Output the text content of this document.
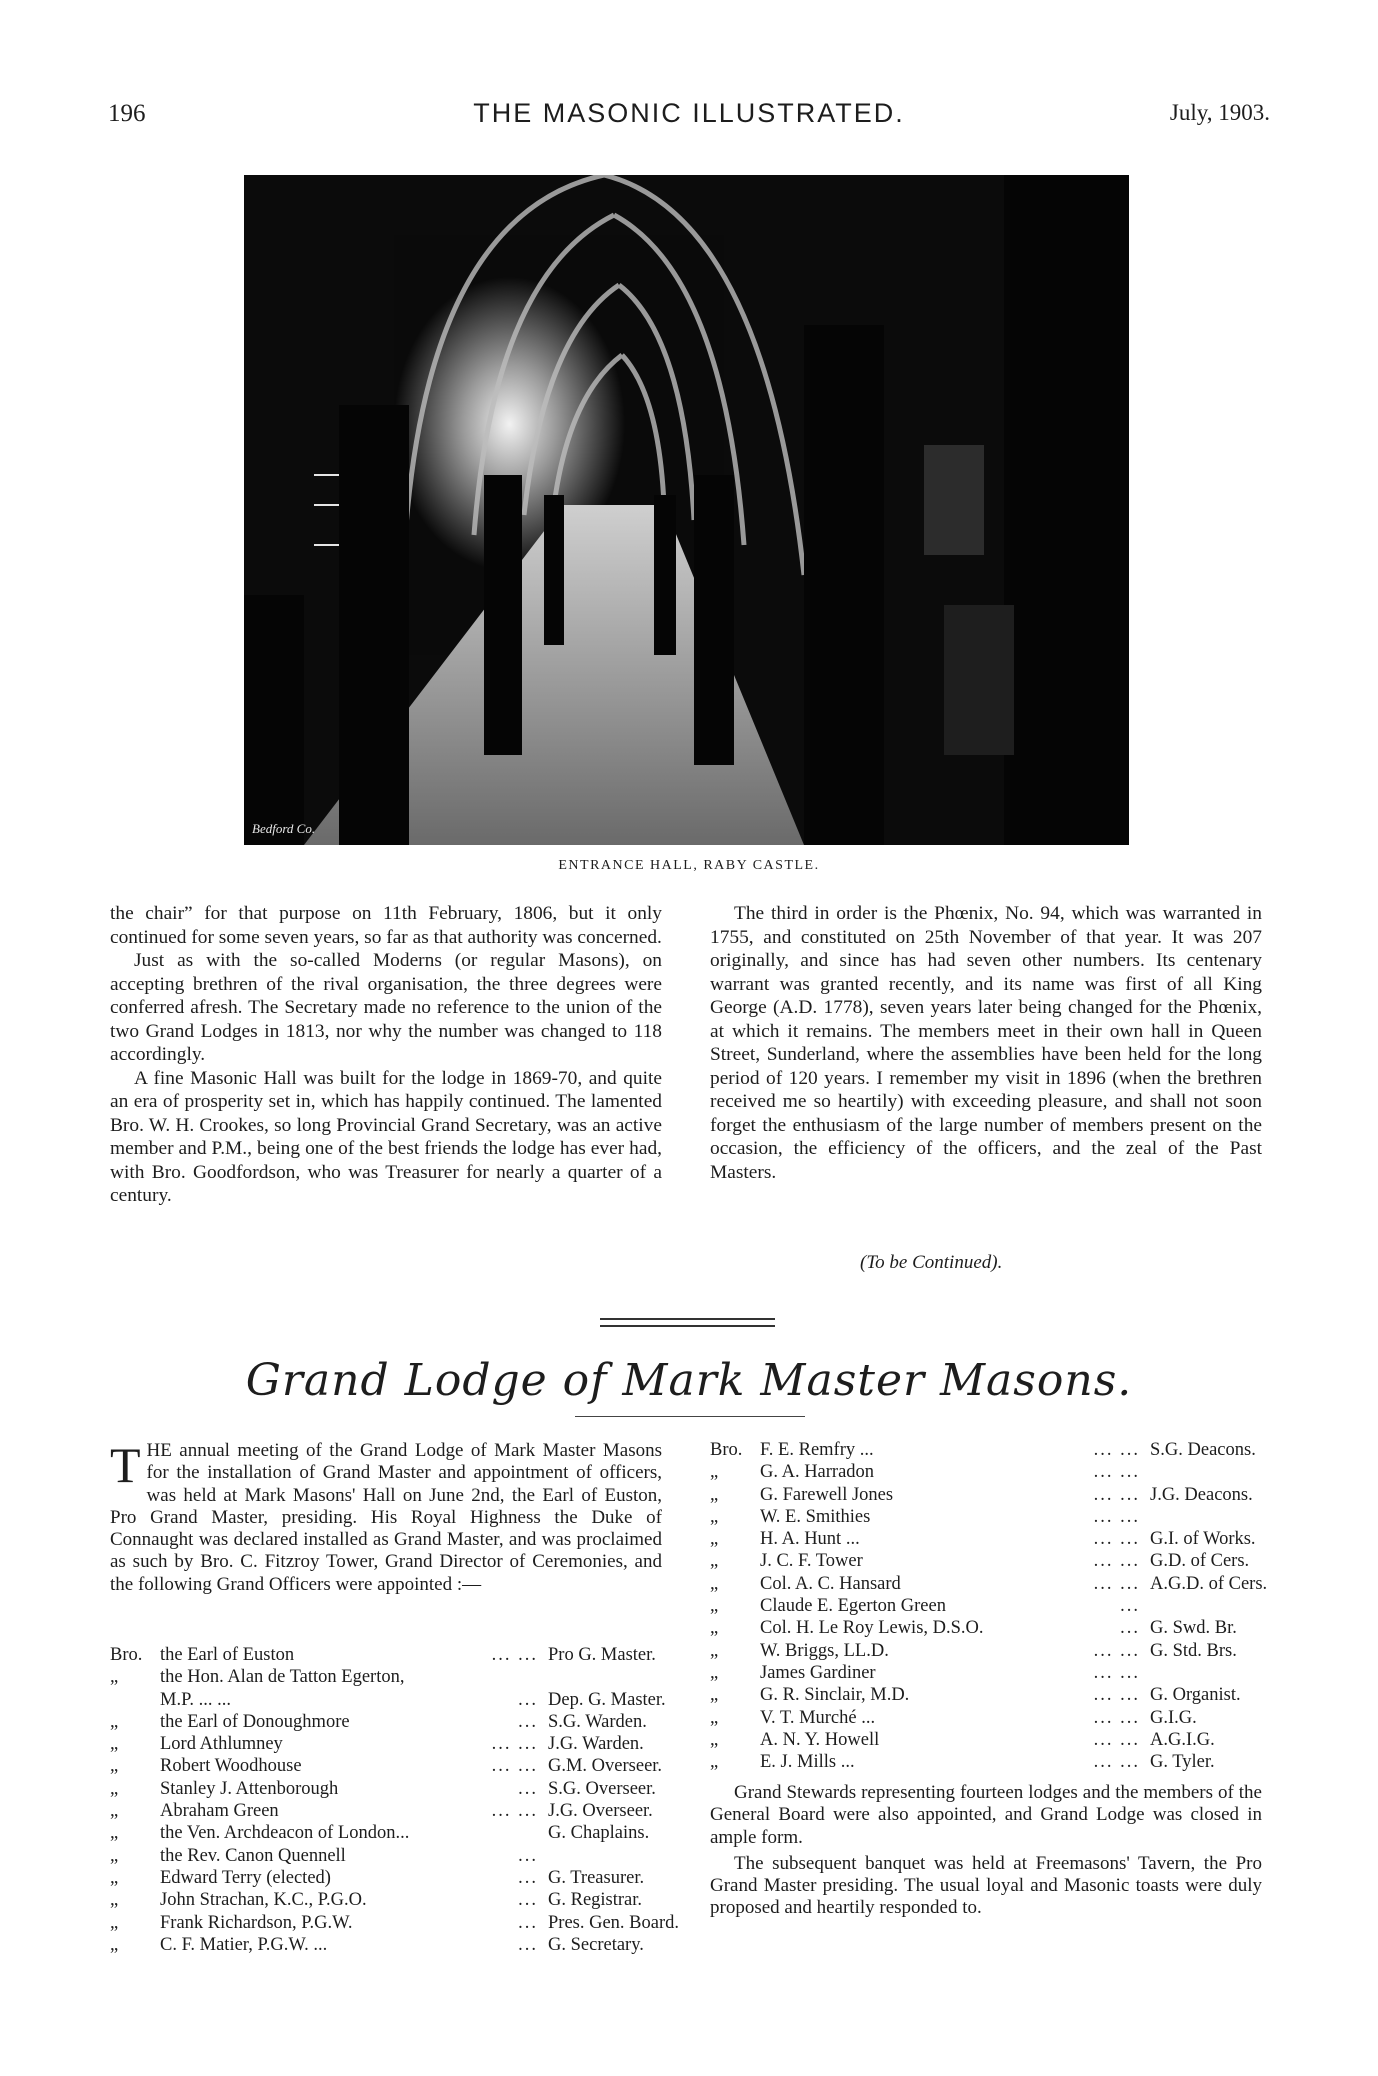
196	THE MASONIC ILLUSTRATED.	July, 1903.
Bedford Co.
ENTRANCE HALL, RABY CASTLE.

the chair” for that purpose on 11th February, 1806, but it only continued for some seven years, so far as that authority was concerned.

Just as with the so-called Moderns (or regular Masons), on accepting brethren of the rival organisation, the three degrees were conferred afresh. The Secretary made no reference to the union of the two Grand Lodges in 1813, nor why the number was changed to 118 accordingly.

A fine Masonic Hall was built for the lodge in 1869-70, and quite an era of prosperity set in, which has happily continued. The lamented Bro. W. H. Crookes, so long Provincial Grand Secretary, was an active member and P.M., being one of the best friends the lodge has ever had, with Bro. Goodfordson, who was Treasurer for nearly a quarter of a century.

The third in order is the Phœnix, No. 94, which was warranted in 1755, and constituted on 25th November of that year. It was 207 originally, and since has had seven other numbers. Its centenary warrant was granted recently, and its name was first of all King George (A.D. 1778), seven years later being changed for the Phœnix, at which it remains. The members meet in their own hall in Queen Street, Sunderland, where the assemblies have been held for the long period of 120 years. I remember my visit in 1896 (when the brethren received me so heartily) with exceeding pleasure, and shall not soon forget the enthusiasm of the large number of members present on the occasion, the efficiency of the officers, and the zeal of the Past Masters.

(To be Continued).
Grand Lodge of Mark Master Masons.
THE annual meeting of the Grand Lodge of Mark Master Masons for the installation of Grand Master and appointment of officers, was held at Mark Masons' Hall on June 2nd, the Earl of Euston, Pro Grand Master, presiding. His Royal Highness the Duke of Connaught was declared installed as Grand Master, and was proclaimed as such by Bro. C. Fitzroy Tower, Grand Director of Ceremonies, and the following Grand Officers were appointed :—
Bro.	the Earl of Euston	... ...	Pro G. Master.
„	the Hon. Alan de Tatton Egerton,		
	M.P. ... ...	...	Dep. G. Master.
„	the Earl of Donoughmore	...	S.G. Warden.
„	Lord Athlumney	... ...	J.G. Warden.
„	Robert Woodhouse	... ...	G.M. Overseer.
„	Stanley J. Attenborough	...	S.G. Overseer.
„	Abraham Green	... ...	J.G. Overseer.
„	the Ven. Archdeacon of London...		G. Chaplains.
„	the Rev. Canon Quennell	...	
„	Edward Terry (elected)	...	G. Treasurer.
„	John Strachan, K.C., P.G.O.	...	G. Registrar.
„	Frank Richardson, P.G.W.	...	Pres. Gen. Board.
„	C. F. Matier, P.G.W. ...	...	G. Secretary.
Bro.	F. E. Remfry ...	... ...	S.G. Deacons.
„	G. A. Harradon	... ...	
„	G. Farewell Jones	... ...	J.G. Deacons.
„	W. E. Smithies	... ...	
„	H. A. Hunt ...	... ...	G.I. of Works.
„	J. C. F. Tower	... ...	G.D. of Cers.
„	Col. A. C. Hansard	... ...	A.G.D. of Cers.
„	Claude E. Egerton Green	...	
„	Col. H. Le Roy Lewis, D.S.O.	...	G. Swd. Br.
„	W. Briggs, LL.D.	... ...	G. Std. Brs.
„	James Gardiner	... ...	
„	G. R. Sinclair, M.D.	... ...	G. Organist.
„	V. T. Murché ...	... ...	G.I.G.
„	A. N. Y. Howell	... ...	A.G.I.G.
„	E. J. Mills ...	... ...	G. Tyler.

Grand Stewards representing fourteen lodges and the members of the General Board were also appointed, and Grand Lodge was closed in ample form.

The subsequent banquet was held at Freemasons' Tavern, the Pro Grand Master presiding. The usual loyal and Masonic toasts were duly proposed and heartily responded to.
